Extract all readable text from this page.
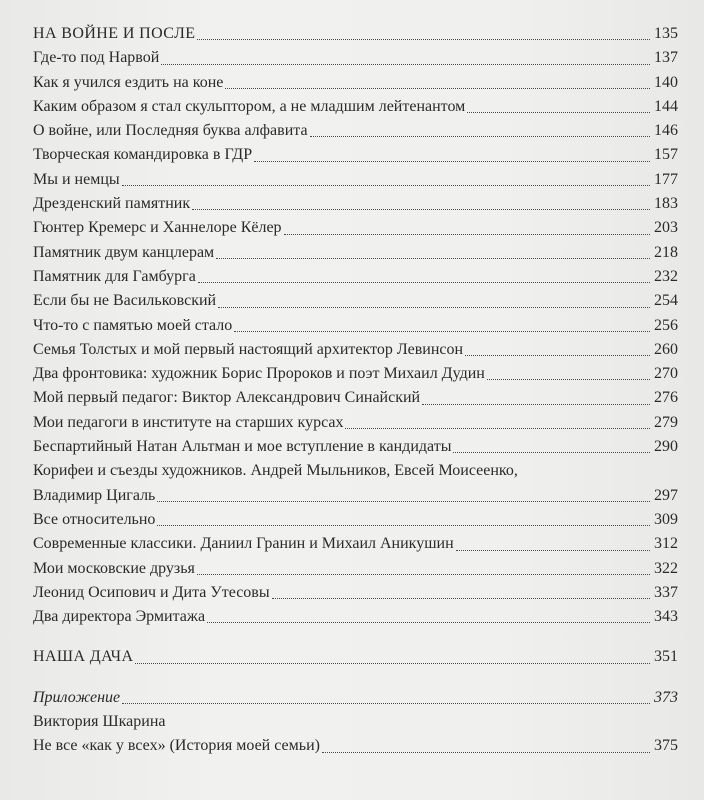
НА ВОЙНЕ И ПОСЛЕ	135
Где-то под Нарвой	137
Как я учился ездить на коне	140
Каким образом я стал скульптором, а не младшим лейтенантом	144
О войне, или Последняя буква алфавита	146
Творческая командировка в ГДР	157
Мы и немцы	177
Дрезденский памятник	183
Гюнтер Кремерс и Ханнелоре Кёлер	203
Памятник двум канцлерам	218
Памятник для Гамбурга	232
Если бы не Васильковский	254
Что-то с памятью моей стало	256
Семья Толстых и мой первый настоящий архитектор Левинсон	260
Два фронтовика: художник Борис Пророков и поэт Михаил Дудин	270
Мой первый педагог: Виктор Александрович Синайский	276
Мои педагоги в институте на старших курсах	279
Беспартийный Натан Альтман и мое вступление в кандидаты	290
Корифеи и съезды художников. Андрей Мыльников, Евсей Моисеенко,
Владимир Цигаль	297
Все относительно	309
Современные классики. Даниил Гранин и Михаил Аникушин	312
Мои московские друзья	322
Леонид Осипович и Дита Утесовы	337
Два директора Эрмитажа	343
НАША ДАЧА	351
Приложение	373
Виктория Шкарина
Не все «как у всех» (История моей семьи)	375
